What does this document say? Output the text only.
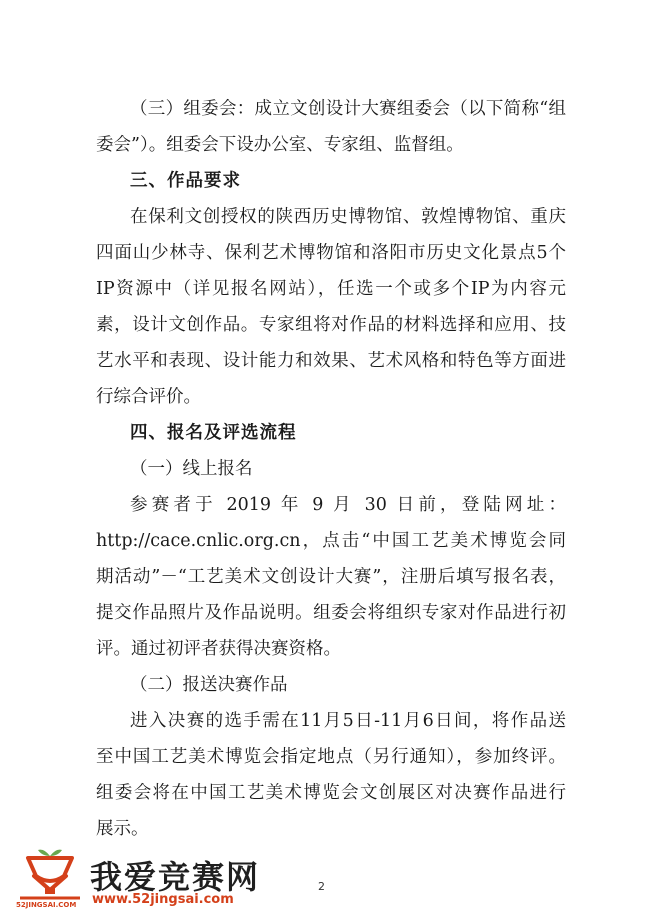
（三）组委会：成立文创设计大赛组委会（以下简称“组
委会”）。组委会下设办公室、专家组、监督组。
三、作品要求
在保利文创授权的陕西历史博物馆、敦煌博物馆、重庆
四面山少林寺、保利艺术博物馆和洛阳市历史文化景点5个
IP资源中（详见报名网站），任选一个或多个IP为内容元
素，设计文创作品。专家组将对作品的材料选择和应用、技
艺水平和表现、设计能力和效果、艺术风格和特色等方面进
行综合评价。
四、报名及评选流程
（一）线上报名
参赛者于 2019 年 9 月 30 日前，登陆网址：
http://cace.cnlic.org.cn，点击“中国工艺美术博览会同
期活动”－“工艺美术文创设计大赛”，注册后填写报名表，
提交作品照片及作品说明。组委会将组织专家对作品进行初
评。通过初评者获得决赛资格。
（二）报送决赛作品
进入决赛的选手需在11月5日-11月6日间，将作品送
至中国工艺美术博览会指定地点（另行通知），参加终评。
组委会将在中国工艺美术博览会文创展区对决赛作品进行
展示。
2
52JINGSAI.COM
我爱竞赛网
www.52jingsai.com
